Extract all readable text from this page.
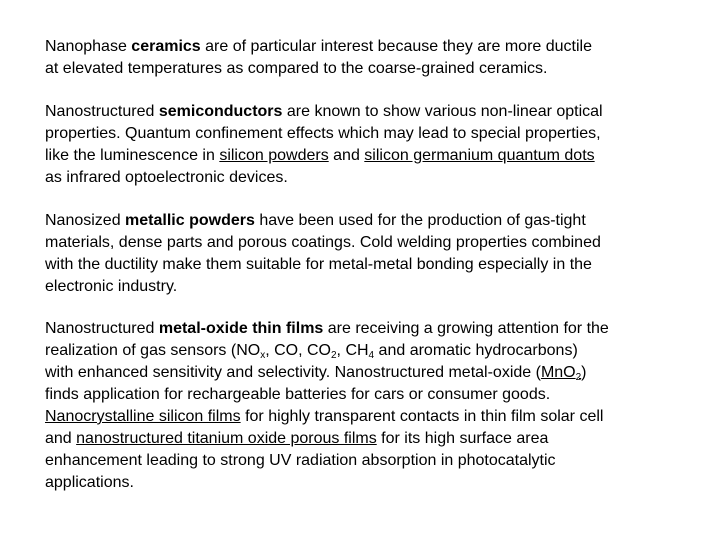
Nanophase ceramics are of particular interest because they are more ductile
at elevated temperatures as compared to the coarse-grained ceramics.

Nanostructured semiconductors are known to show various non-linear optical
properties. Quantum confinement effects which may lead to special properties,
like the luminescence in silicon powders and silicon germanium quantum dots
as infrared optoelectronic devices.

Nanosized metallic powders have been used for the production of gas-tight
materials, dense parts and porous coatings. Cold welding properties combined
with the ductility make them suitable for metal-metal bonding especially in the
electronic industry.

Nanostructured metal-oxide thin films are receiving a growing attention for the
realization of gas sensors ($NO_x$, CO, $CO_2$, $CH_4$ and aromatic hydrocarbons)
with enhanced sensitivity and selectivity. Nanostructured metal-oxide (MnO$_2$)
finds application for rechargeable batteries for cars or consumer goods.
Nanocrystalline silicon films for highly transparent contacts in thin film solar cell
and nanostructured titanium oxide porous films for its high surface area
enhancement leading to strong UV radiation absorption in photocatalytic
applications.
